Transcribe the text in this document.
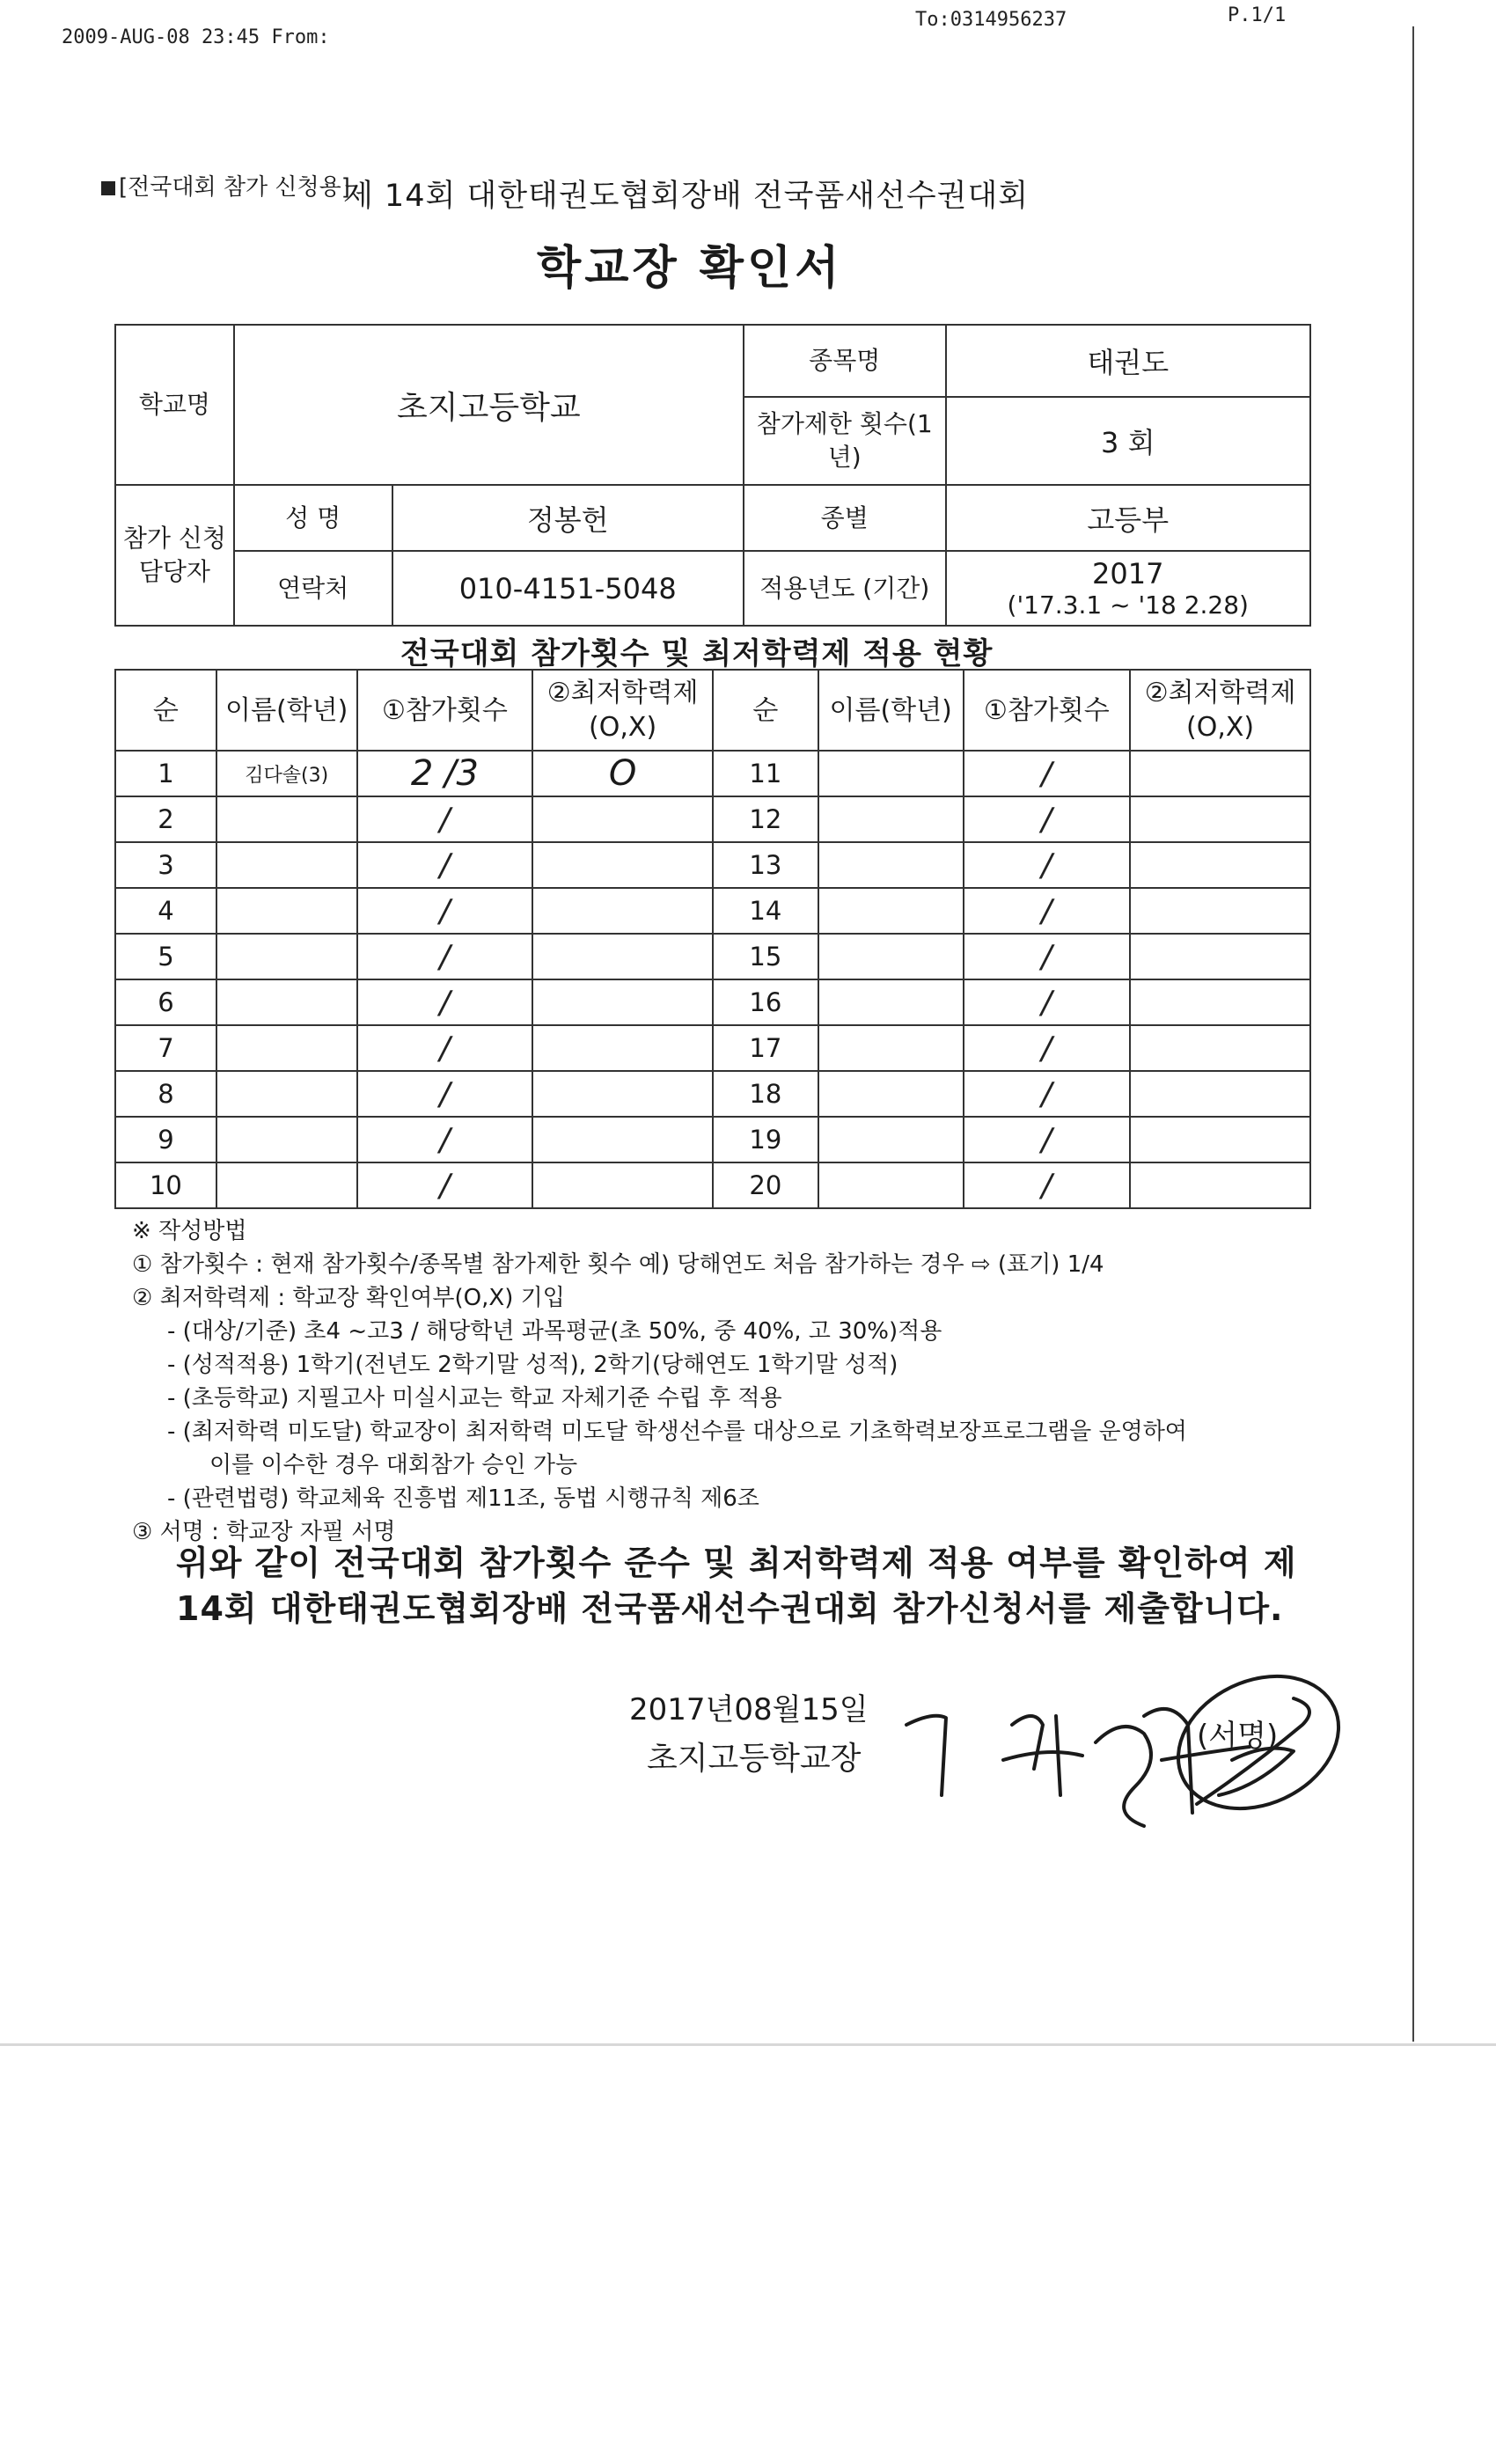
2009-AUG-08 23:45 From:
To:0314956237	P.1/1
[전국대회 참가 신청용]
제 14회 대한태권도협회장배 전국품새선수권대회
학교장 확인서
학교명	초지고등학교		종목명	태권도
			참가제한 횟수(1년)	3 회
참가 신청 담당자	성 명	정봉헌	종별	고등부
	연락처	010-4151-5048	적용년도 (기간)	2017
('17.3.1 ~ '18 2.28)
전국대회 참가횟수 및 최저학력제 적용 현황
순	이름(학년)	①참가횟수	②최저학력제 (O,X)	순	이름(학년)	①참가횟수	②최저학력제 (O,X)
1	김다솔(3)	2 /3	O	11		/	
2		/		12		/	
3		/		13		/	
4		/		14		/	
5		/		15		/	
6		/		16		/	
7		/		17		/	
8		/		18		/	
9		/		19		/	
10		/		20		/	
※ 작성방법
① 참가횟수 : 현재 참가횟수/종목별 참가제한 횟수 예) 당해연도 처음 참가하는 경우 ⇨ (표기) 1/4
② 최저학력제 : 학교장 확인여부(O,X) 기입
- (대상/기준) 초4 ~고3 / 해당학년 과목평균(초 50%, 중 40%, 고 30%)적용
- (성적적용) 1학기(전년도 2학기말 성적), 2학기(당해연도 1학기말 성적)
- (초등학교) 지필고사 미실시교는 학교 자체기준 수립 후 적용
- (최저학력 미도달) 학교장이 최저학력 미도달 학생선수를 대상으로 기초학력보장프로그램을 운영하여
이를 이수한 경우 대회참가 승인 가능
- (관련법령) 학교체육 진흥법 제11조, 동법 시행규칙 제6조
③ 서명 : 학교장 자필 서명
위와 같이 전국대회 참가횟수 준수 및 최저학력제 적용 여부를 확인하여 제 14회 대한태권도협회장배 전국품새선수권대회 참가신청서를 제출합니다.
2017년08월15일
초지고등학교장
(서명)
